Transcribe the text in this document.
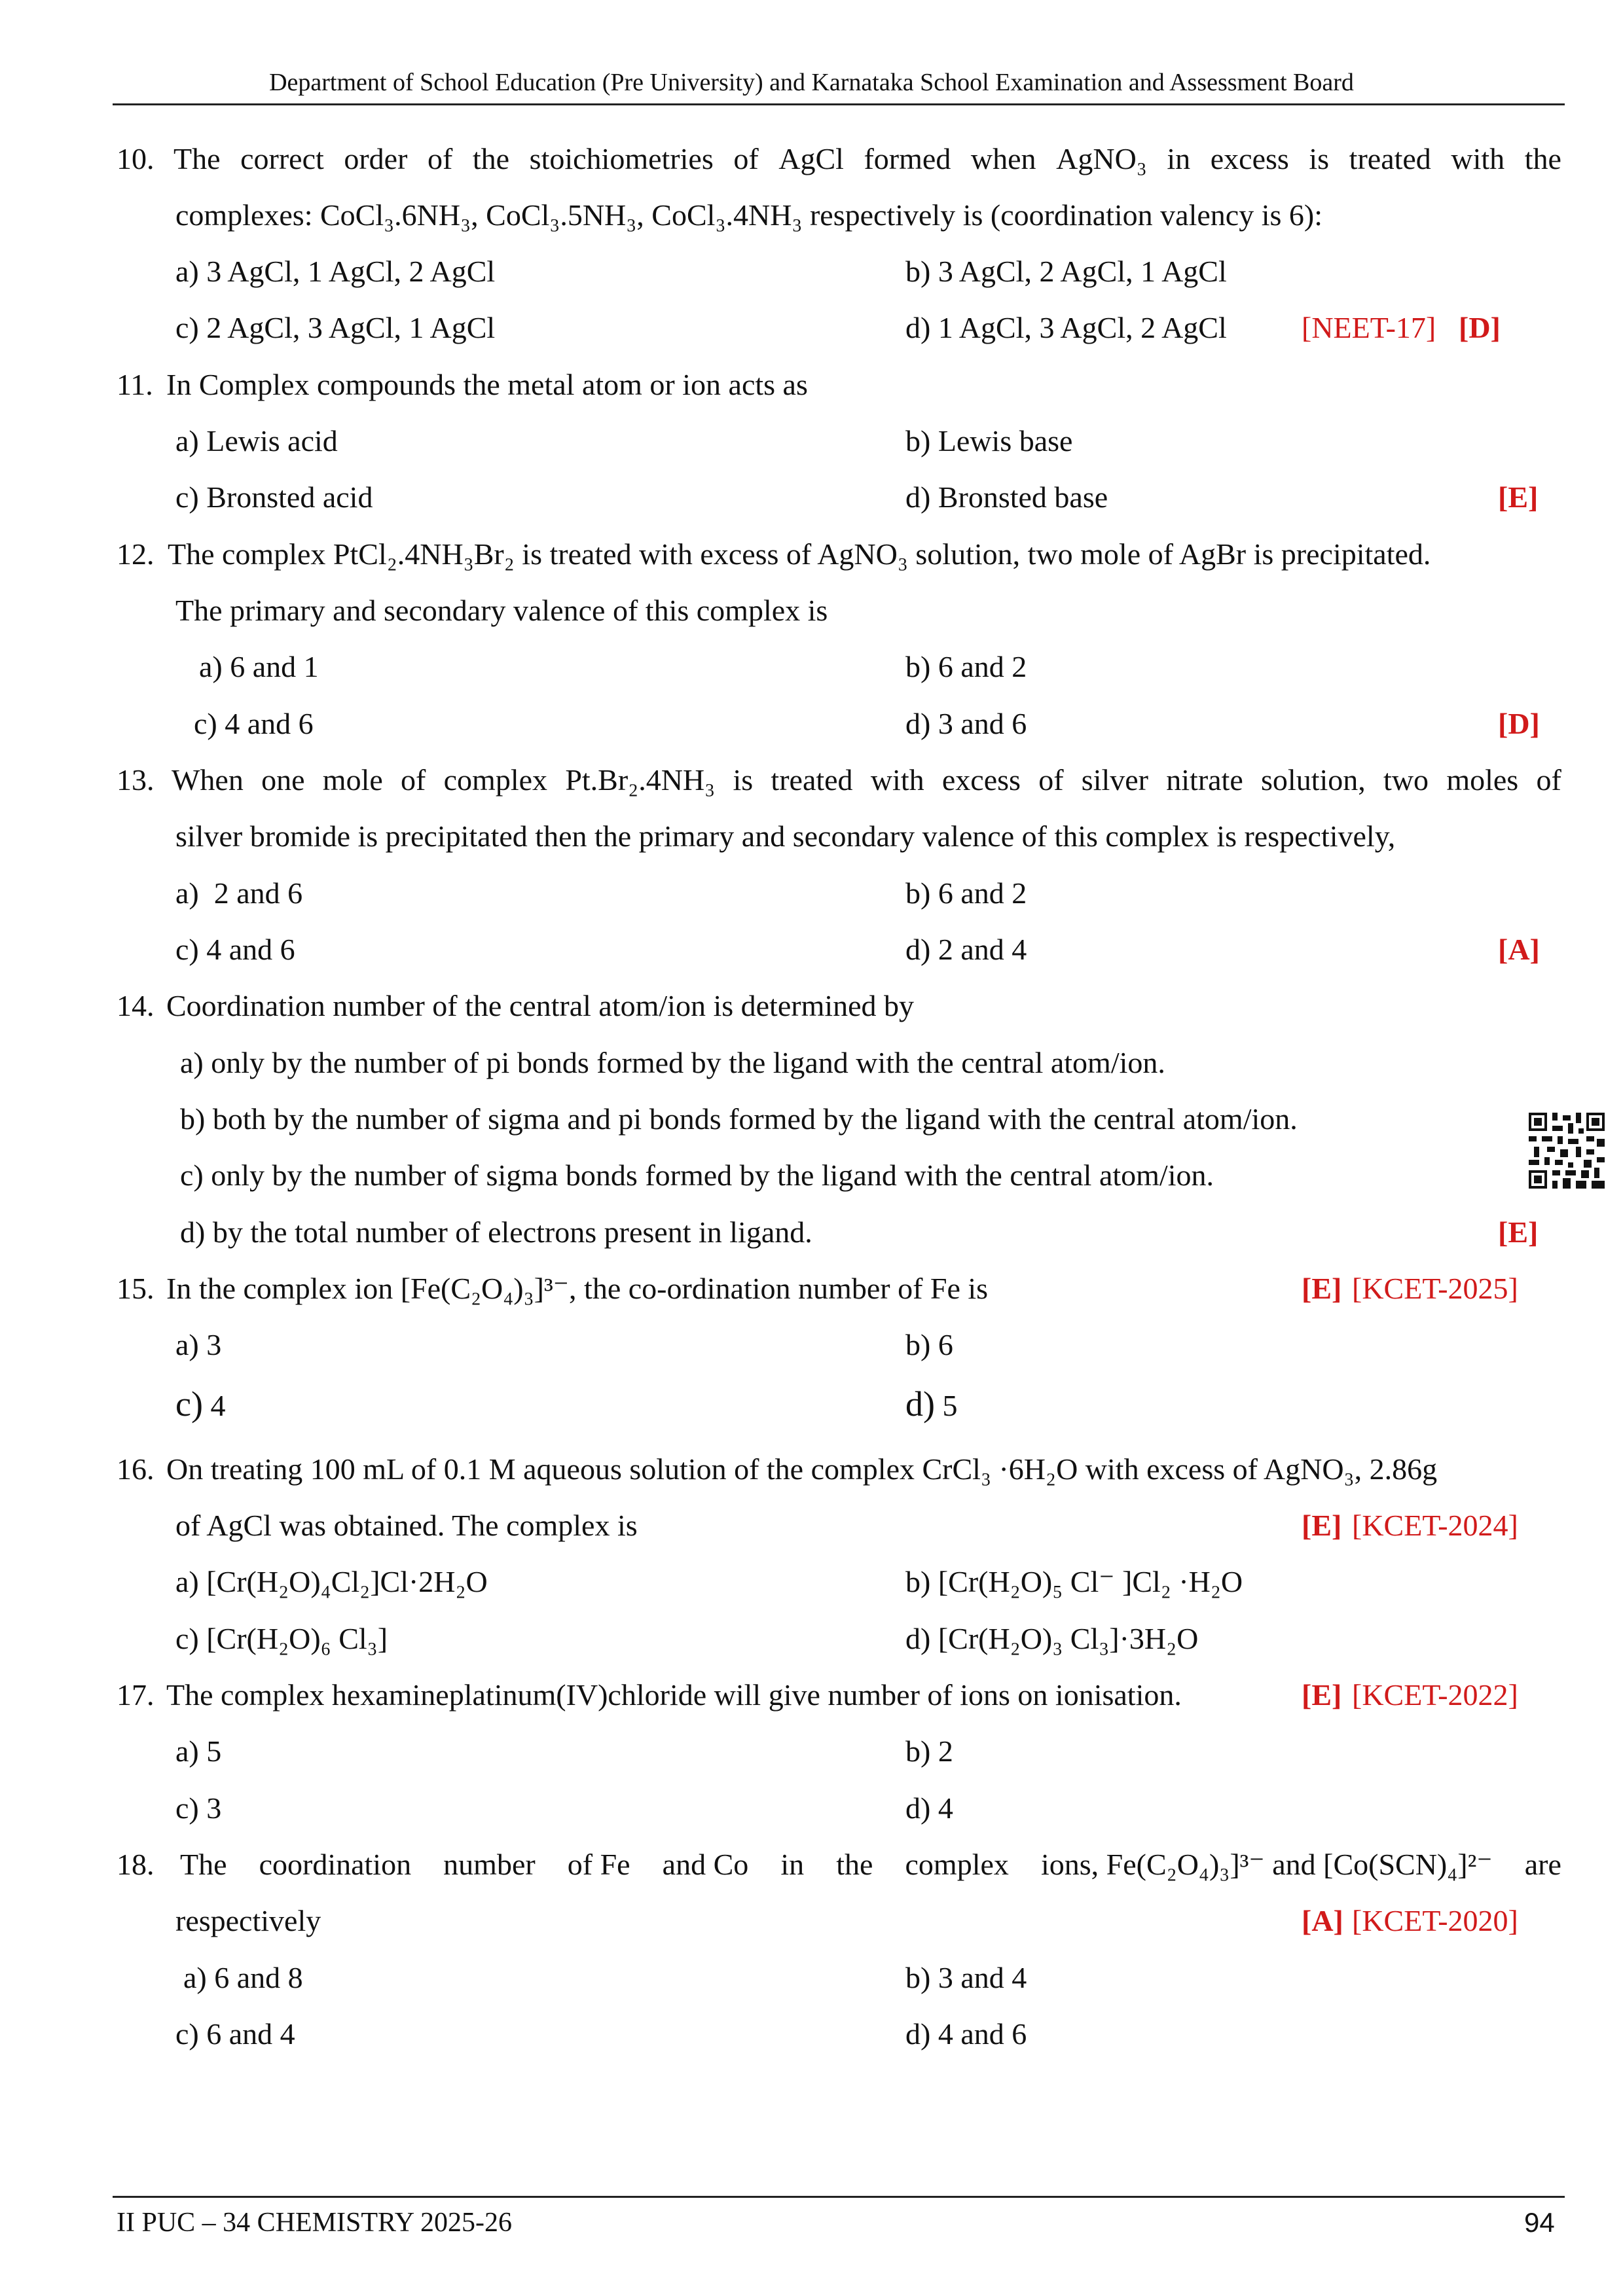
Department of School Education (Pre University) and Karnataka School Examination and Assessment Board
10. The correct order of the stoichiometries of AgCl formed when AgNO₃ in excess is treated with the
complexes: CoCl₃.6NH₃, CoCl₃.5NH₃, CoCl₃.4NH₃ respectively is (coordination valency is 6):
a) 3 AgCl, 1 AgCl, 2 AgCl	b) 3 AgCl, 2 AgCl, 1 AgCl
c) 2 AgCl, 3 AgCl, 1 AgCl	d) 1 AgCl, 3 AgCl, 2 AgCl [NEET-17] [D]
11. In Complex compounds the metal atom or ion acts as
a) Lewis acid	b) Lewis base
c) Bronsted acid	d) Bronsted base	[E]
12. The complex PtCl₂.4NH₃Br₂ is treated with excess of AgNO₃ solution, two mole of AgBr is precipitated.
The primary and secondary valence of this complex is
a) 6 and 1	b) 6 and 2
c) 4 and 6	d) 3 and 6	[D]
13. When one mole of complex Pt.Br₂.4NH₃ is treated with excess of silver nitrate solution, two moles of
silver bromide is precipitated then the primary and secondary valence of this complex is respectively,
a)  2 and 6	b) 6 and 2
c) 4 and 6	d) 2 and 4	[A]
14. Coordination number of the central atom/ion is determined by
a) only by the number of pi bonds formed by the ligand with the central atom/ion.
b) both by the number of sigma and pi bonds formed by the ligand with the central atom/ion.
c) only by the number of sigma bonds formed by the ligand with the central atom/ion.
d) by the total number of electrons present in ligand.	[E]
15. In the complex ion [Fe(C₂O₄)₃]³⁻, the co-ordination number of Fe is	[E] [KCET-2025]
a) 3	b) 6
c) 4	d) 5
16. On treating 100 mL of 0.1 M aqueous solution of the complex CrCl₃ ·6H₂O with excess of AgNO₃, 2.86g
of AgCl was obtained. The complex is	[E] [KCET-2024]
a) [Cr(H₂O)₄Cl₂]Cl·2H₂O	b) [Cr(H₂O)₅ Cl⁻ ]Cl₂ ·H₂O
c) [Cr(H₂O)₆ Cl₃]	d) [Cr(H₂O)₃ Cl₃]·3H₂O
17. The complex hexamineplatinum(IV)chloride will give number of ions on ionisation.	[E] [KCET-2022]
a) 5	b) 2
c) 3	d) 4
18. The coordination number of Fe and Co in the complex ions, Fe(C₂O₄)₃]³⁻ and [Co(SCN)₄]²⁻ are
respectively	[A] [KCET-2020]
a) 6 and 8	b) 3 and 4
c) 6 and 4	d) 4 and 6
II PUC – 34 CHEMISTRY 2025-26	94
